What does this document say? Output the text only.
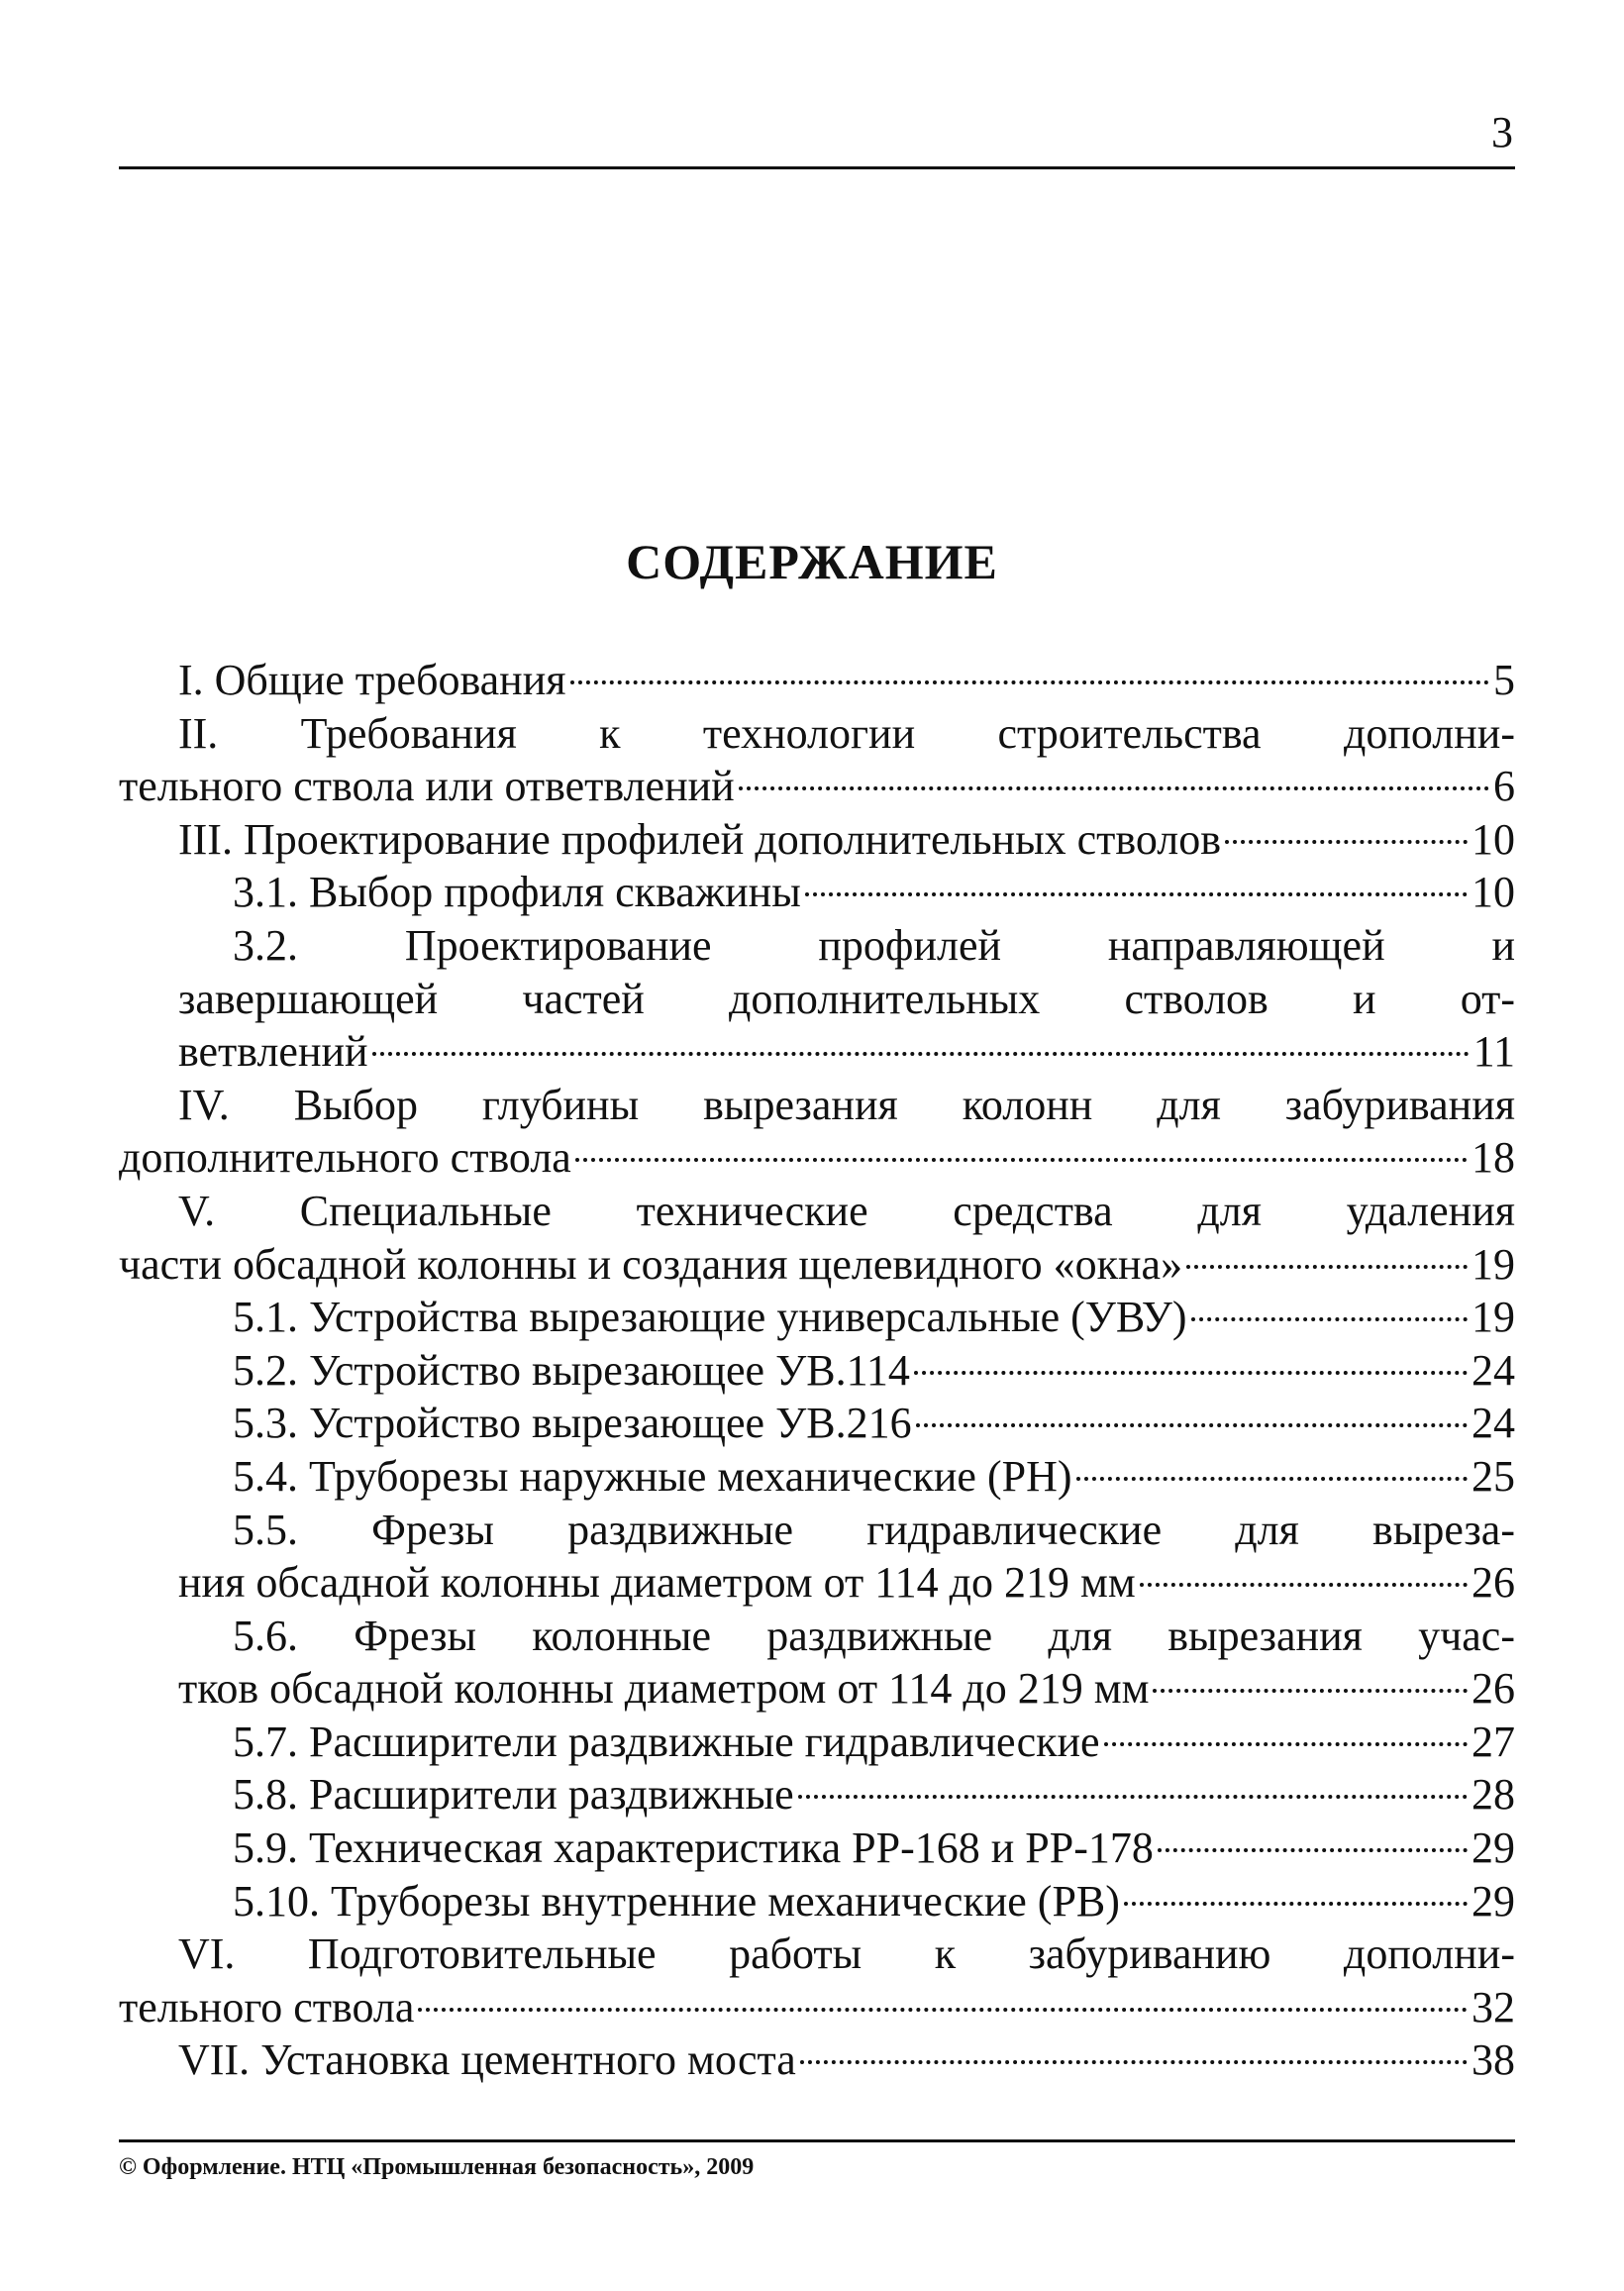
3
СОДЕРЖАНИЕ
I. Общие требования	5
II. Требования к технологии строительства дополни-
тельного ствола или ответвлений	6
III. Проектирование профилей дополнительных стволов	10
3.1. Выбор профиля скважины	10
3.2. Проектирование профилей направляющей и
завершающей частей дополнительных стволов и от-
ветвлений	11
IV. Выбор глубины вырезания колонн для забуривания
дополнительного ствола	18
V. Специальные технические средства для удаления
части обсадной колонны и создания щелевидного «окна»	19
5.1. Устройства вырезающие универсальные (УВУ)	19
5.2. Устройство вырезающее УВ.114	24
5.3. Устройство вырезающее УВ.216	24
5.4. Труборезы наружные механические (РН)	25
5.5. Фрезы раздвижные гидравлические для выреза-
ния обсадной колонны диаметром от 114 до 219 мм	26
5.6. Фрезы колонные раздвижные для вырезания учас-
тков обсадной колонны диаметром от 114 до 219 мм	26
5.7. Расширители раздвижные гидравлические	27
5.8. Расширители раздвижные	28
5.9. Техническая характеристика РР-168 и РР-178	29
5.10. Труборезы внутренние механические (РВ)	29
VI. Подготовительные работы к забуриванию дополни-
тельного ствола	32
VII. Установка цементного моста	38
© Оформление. НТЦ «Промышленная безопасность», 2009
